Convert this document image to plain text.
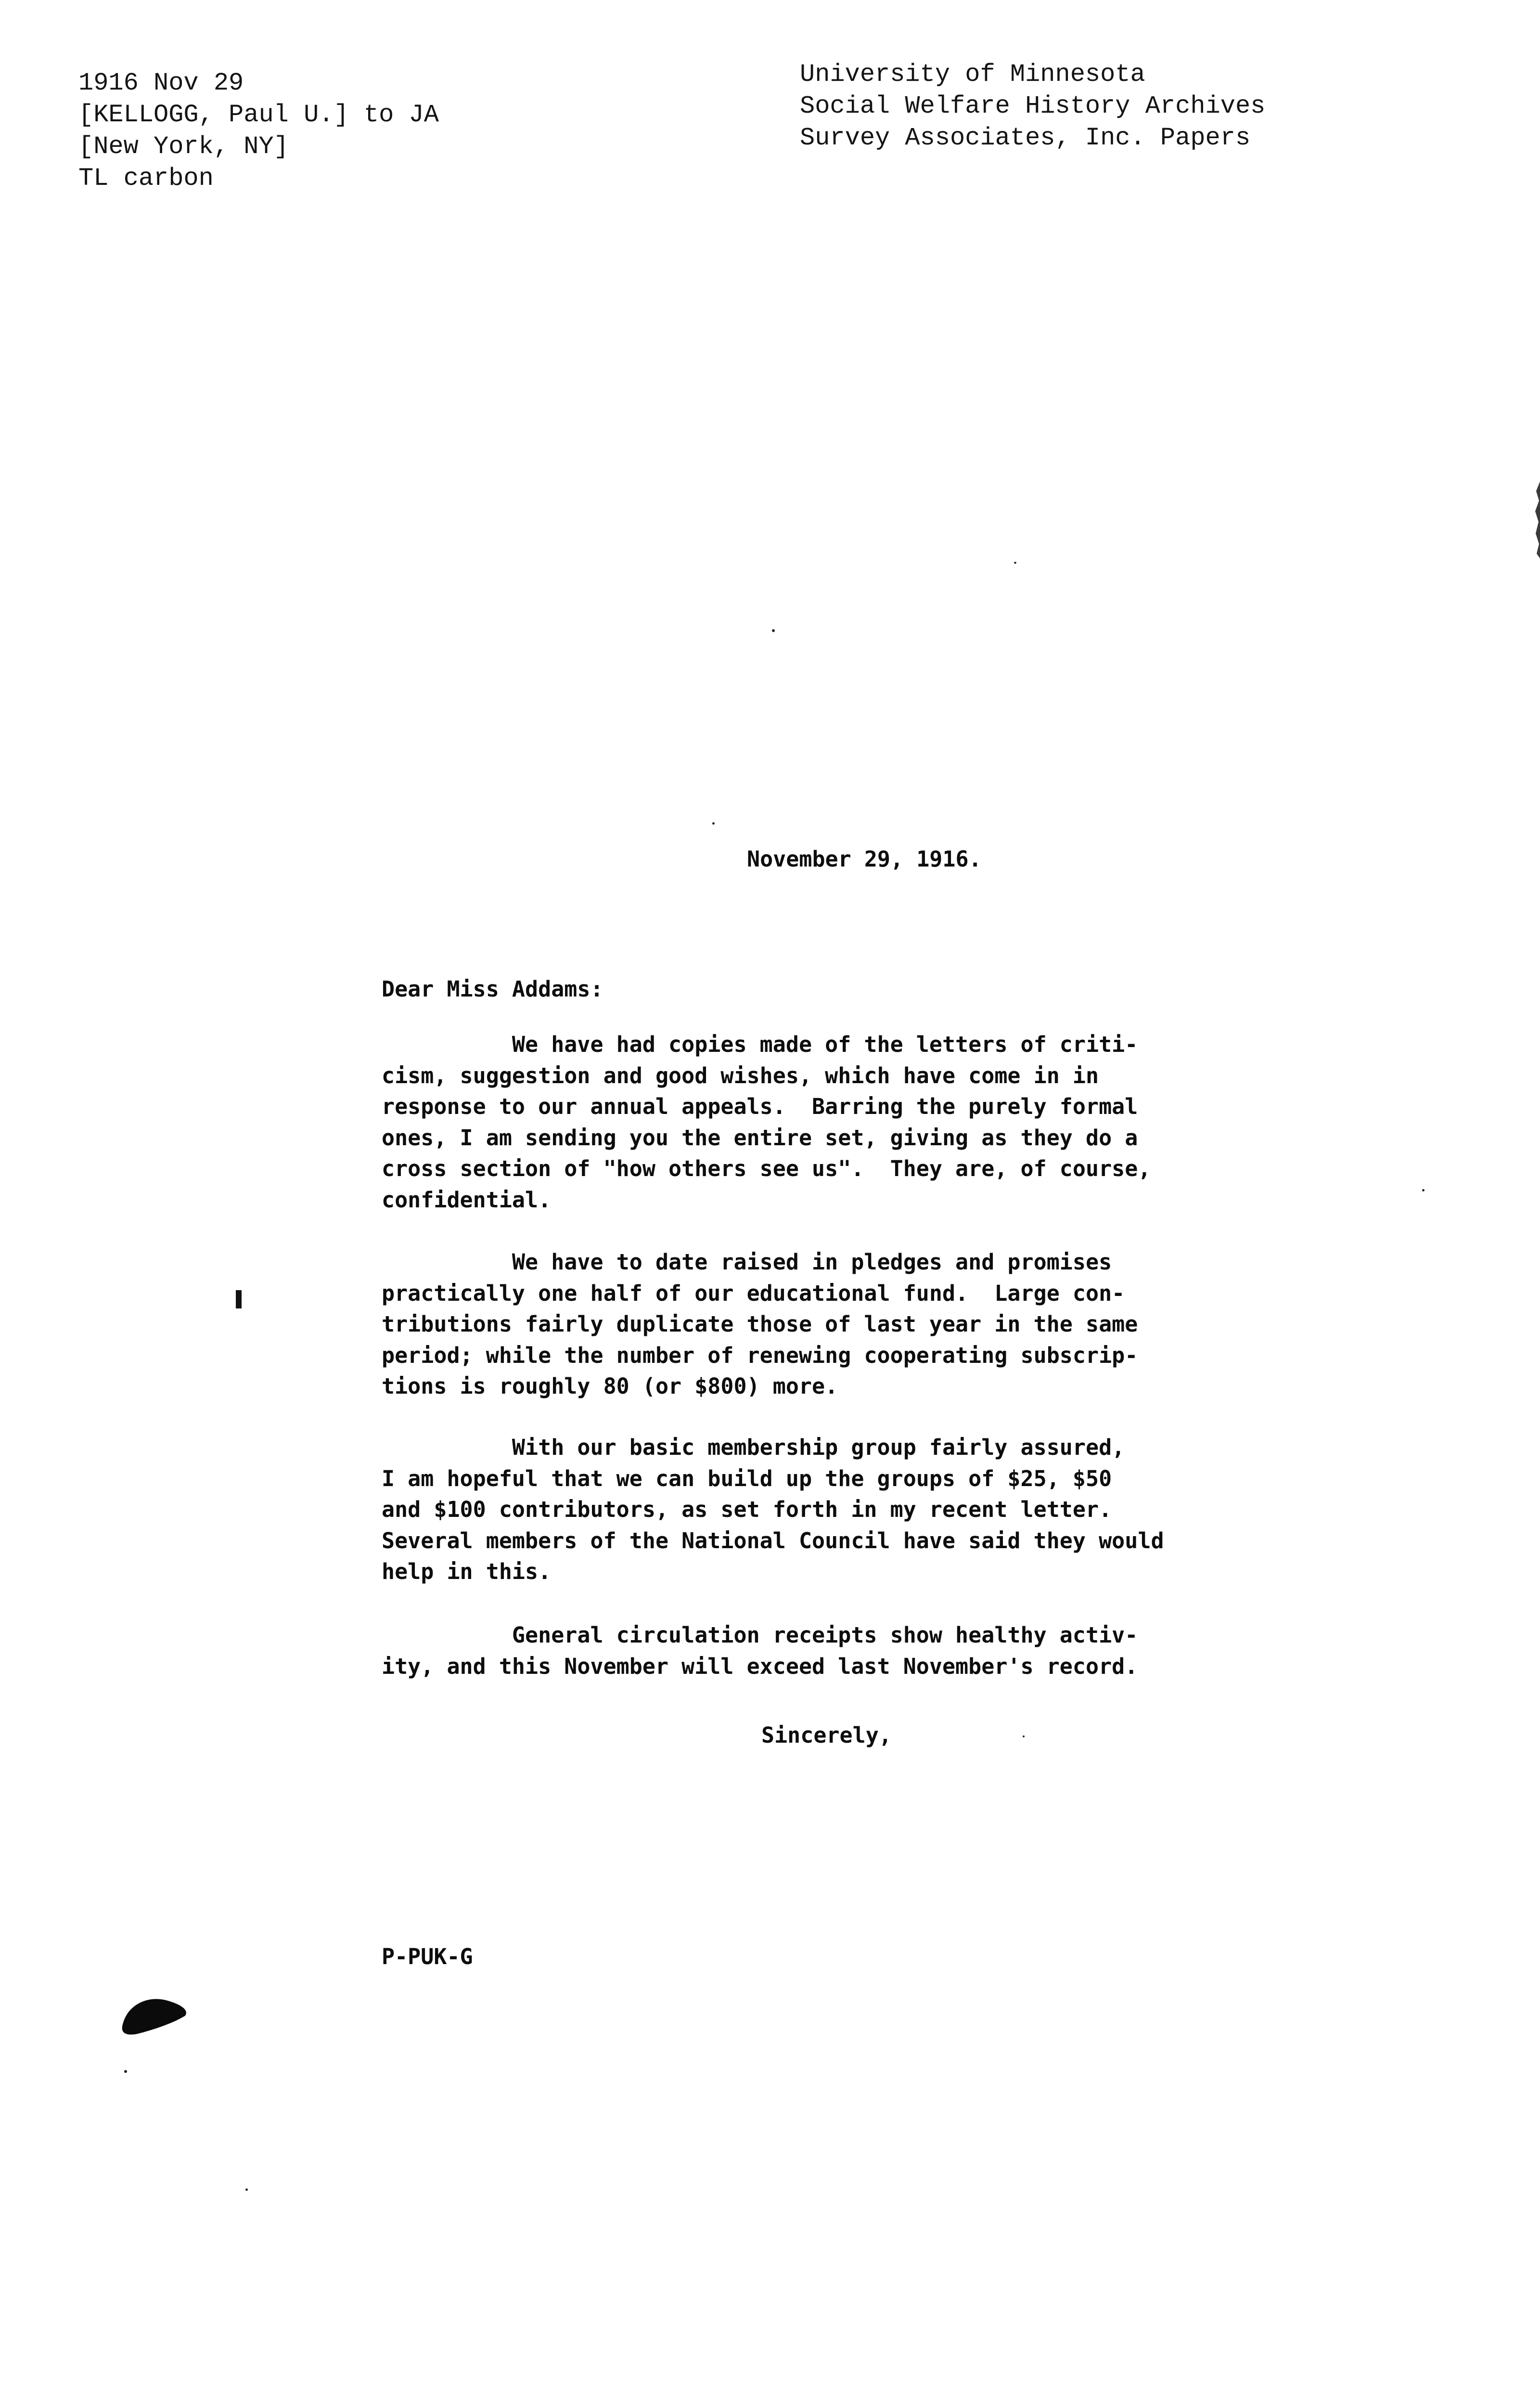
1916 Nov 29
[KELLOGG, Paul U.] to JA
[New York, NY]
TL carbon
University of Minnesota
Social Welfare History Archives
Survey Associates, Inc. Papers
November 29, 1916.
Dear Miss Addams:
We have had copies made of the letters of criti-
cism, suggestion and good wishes, which have come in in
response to our annual appeals.  Barring the purely formal
ones, I am sending you the entire set, giving as they do a
cross section of "how others see us".  They are, of course,
confidential.
We have to date raised in pledges and promises
practically one half of our educational fund.  Large con-
tributions fairly duplicate those of last year in the same
period; while the number of renewing cooperating subscrip-
tions is roughly 80 (or $800) more.
With our basic membership group fairly assured,
I am hopeful that we can build up the groups of $25, $50
and $100 contributors, as set forth in my recent letter.
Several members of the National Council have said they would
help in this.
General circulation receipts show healthy activ-
ity, and this November will exceed last November's record.
Sincerely,
P-PUK-G
